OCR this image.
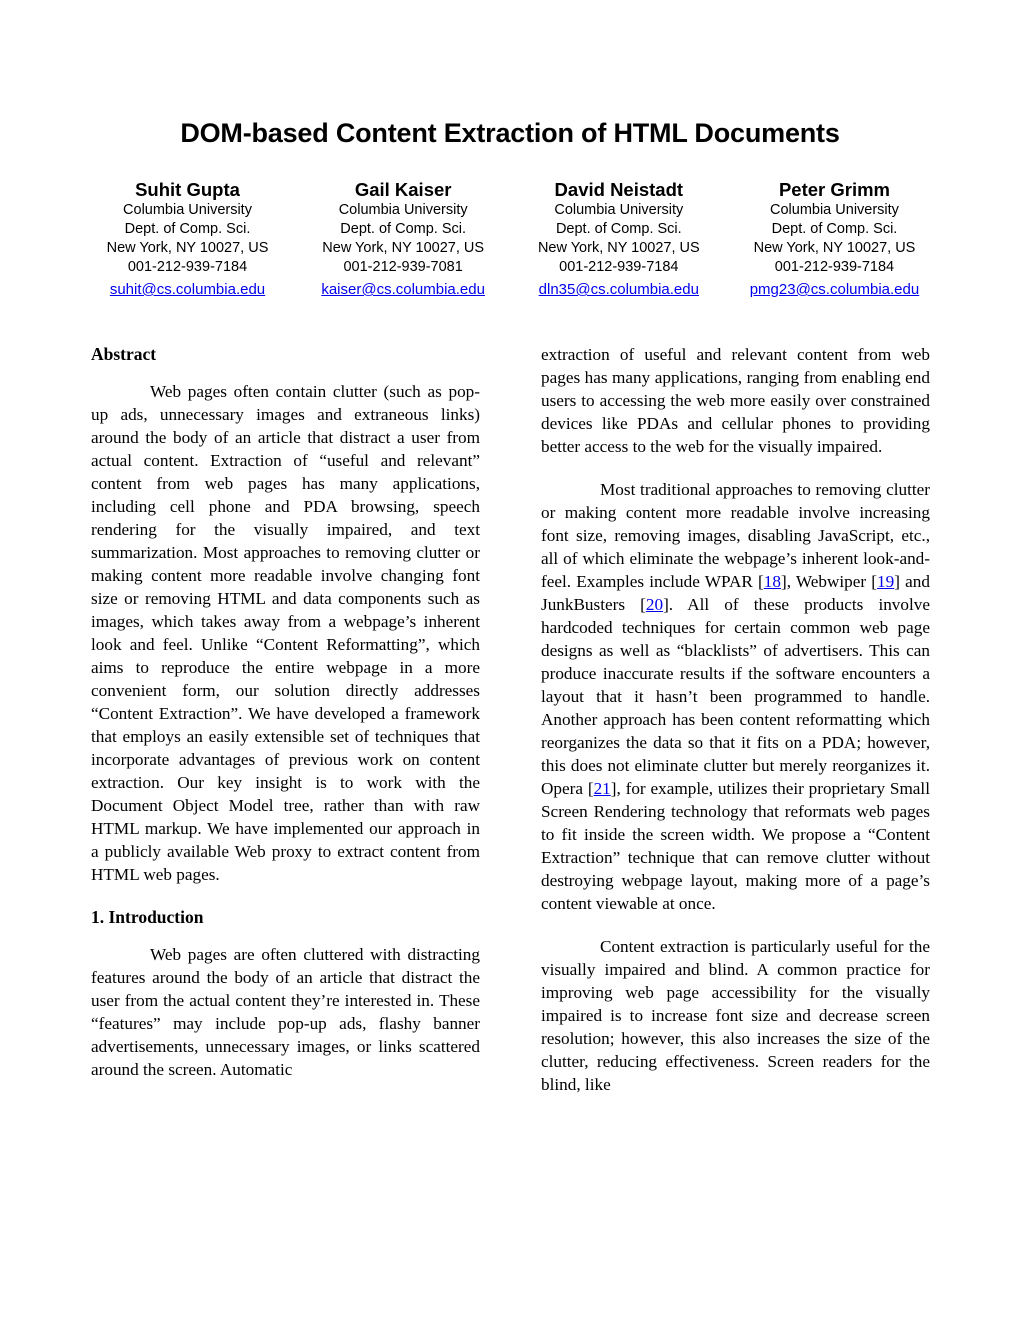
DOM-based Content Extraction of HTML Documents
Suhit Gupta
Columbia University
Dept. of Comp. Sci.
New York, NY 10027, US
001-212-939-7184
suhit@cs.columbia.edu
Gail Kaiser
Columbia University
Dept. of Comp. Sci.
New York, NY 10027, US
001-212-939-7081
kaiser@cs.columbia.edu
David Neistadt
Columbia University
Dept. of Comp. Sci.
New York, NY 10027, US
001-212-939-7184
dln35@cs.columbia.edu
Peter Grimm
Columbia University
Dept. of Comp. Sci.
New York, NY 10027, US
001-212-939-7184
pmg23@cs.columbia.edu
Abstract

Web pages often contain clutter (such as pop-up ads, unnecessary images and extraneous links) around the body of an article that distract a user from actual content. Extraction of “useful and relevant” content from web pages has many applications, including cell phone and PDA browsing, speech rendering for the visually impaired, and text summarization. Most approaches to removing clutter or making content more readable involve changing font size or removing HTML and data components such as images, which takes away from a webpage’s inherent look and feel. Unlike “Content Reformatting”, which aims to reproduce the entire webpage in a more convenient form, our solution directly addresses “Content Extraction”. We have developed a framework that employs an easily extensible set of techniques that incorporate advantages of previous work on content extraction. Our key insight is to work with the Document Object Model tree, rather than with raw HTML markup. We have implemented our approach in a publicly available Web proxy to extract content from HTML web pages.

1. Introduction

Web pages are often cluttered with distracting features around the body of an article that distract the user from the actual content they’re interested in. These “features” may include pop-up ads, flashy banner advertisements, unnecessary images, or links scattered around the screen. Automatic

extraction of useful and relevant content from web pages has many applications, ranging from enabling end users to accessing the web more easily over constrained devices like PDAs and cellular phones to providing better access to the web for the visually impaired.

Most traditional approaches to removing clutter or making content more readable involve increasing font size, removing images, disabling JavaScript, etc., all of which eliminate the webpage’s inherent look-and-feel. Examples include WPAR [18], Webwiper [19] and JunkBusters [20]. All of these products involve hardcoded techniques for certain common web page designs as well as “blacklists” of advertisers. This can produce inaccurate results if the software encounters a layout that it hasn’t been programmed to handle. Another approach has been content reformatting which reorganizes the data so that it fits on a PDA; however, this does not eliminate clutter but merely reorganizes it. Opera [21], for example, utilizes their proprietary Small Screen Rendering technology that reformats web pages to fit inside the screen width. We propose a “Content Extraction” technique that can remove clutter without destroying webpage layout, making more of a page’s content viewable at once.

Content extraction is particularly useful for the visually impaired and blind. A common practice for improving web page accessibility for the visually impaired is to increase font size and decrease screen resolution; however, this also increases the size of the clutter, reducing effectiveness. Screen readers for the blind, like
